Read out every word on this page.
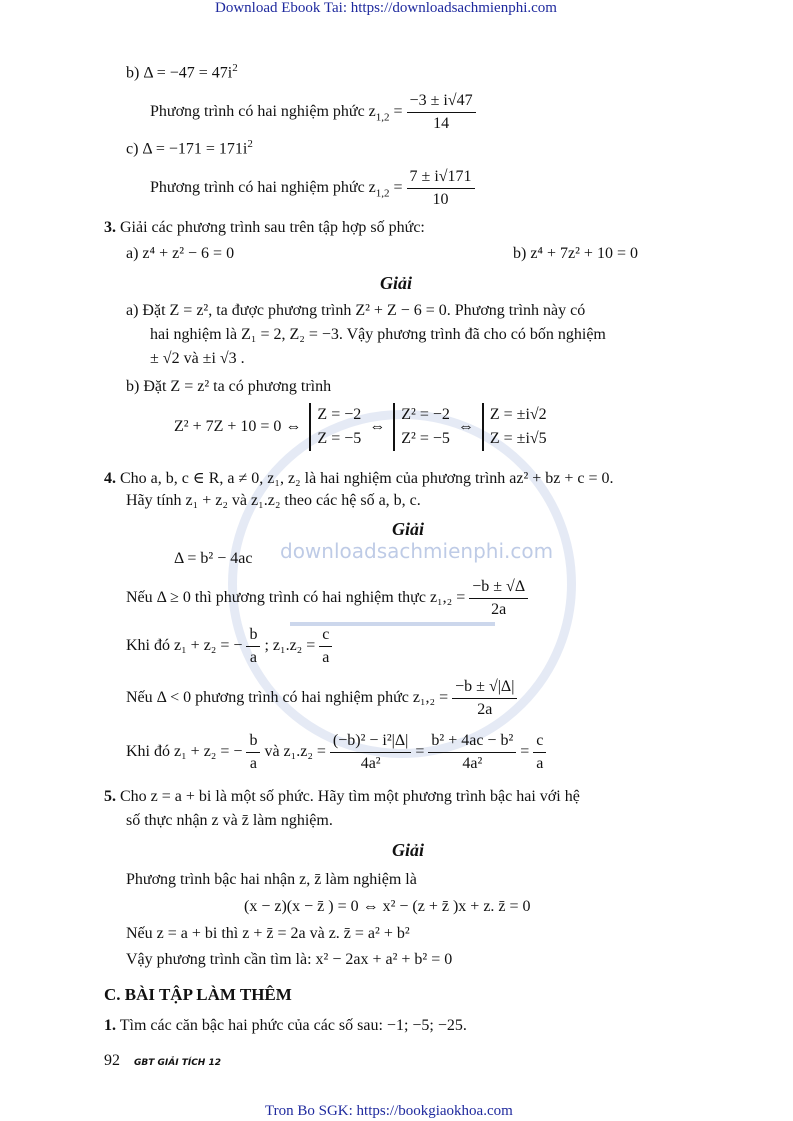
downloadsachmienphi.com
Download Ebook Tai: https://downloadsachmienphi.com
b) $\Delta = -47 = 47i^2$
Phương trình có hai nghiệm phức $z_{1,2} = \frac{-3 \pm i√47}{14}$
c) $\Delta = -171 = 171i^2$
Phương trình có hai nghiệm phức $z_{1,2} = \frac{7 \pm i√171}{10}$
3. Giải các phương trình sau trên tập hợp số phức:
a) z⁴ + z² − 6 = 0	b) z⁴ + 7z² + 10 = 0
Giải
a) Đặt Z = z², ta được phương trình Z² + Z − 6 = 0. Phương trình này có
hai nghiệm là Z₁ = 2, Z₂ = −3. Vậy phương trình đã cho có bốn nghiệm
± √2 và ±i √3 .
b) Đặt Z = z² ta có phương trình
Z² + 7Z + 10 = 0 ⇔
Z = −2
Z = −5
⇔
Z² = −2
Z² = −5
⇔
Z = ±i√2
Z = ±i√5
4. Cho a, b, c ∈ R, a ≠ 0, z₁, z₂ là hai nghiệm của phương trình az² + bz + c = 0.
Hãy tính z₁ + z₂ và z₁.z₂ theo các hệ số a, b, c.
Giải
Δ = b² − 4ac
Nếu Δ ≥ 0 thì phương trình có hai nghiệm thực $z_1,_2 = \frac{-b \pm √\Delta}{2a}$
Khi đó z₁ + z₂ = − $\frac{b}{a}$ ; $z_1.z_2 = \frac{c}{a}$
Nếu Δ < 0 phương trình có hai nghiệm phức $z_1,_2 = \frac{-b \pm √|\Delta|}{2a}$
Khi đó z₁ + z₂ = − $\frac{b}{a}$ và $z_1.z_2 = \frac{\text{(−b)² − i²|Δ|}}{\text{4a²}} = \frac{\text{b² + 4ac − b²}}{\text{4a²}} = \frac{c}{a}$
5. Cho z = a + bi là một số phức. Hãy tìm một phương trình bậc hai với hệ
số thực nhận z và z̄ làm nghiệm.
Giải
Phương trình bậc hai nhận z, z̄ làm nghiệm là
(x − z)(x − z̄ ) = 0 ⇔ x² − (z + z̄ )x + z. z̄ = 0
Nếu z = a + bi thì z + z̄ = 2a và z. z̄ = a² + b²
Vậy phương trình cần tìm là: x² − 2ax + a² + b² = 0
C. BÀI TẬP LÀM THÊM
1. Tìm các căn bậc hai phức của các số sau: −1; −5; −25.
92 GBT GIẢI TÍCH 12
Tron Bo SGK: https://bookgiaokhoa.com
